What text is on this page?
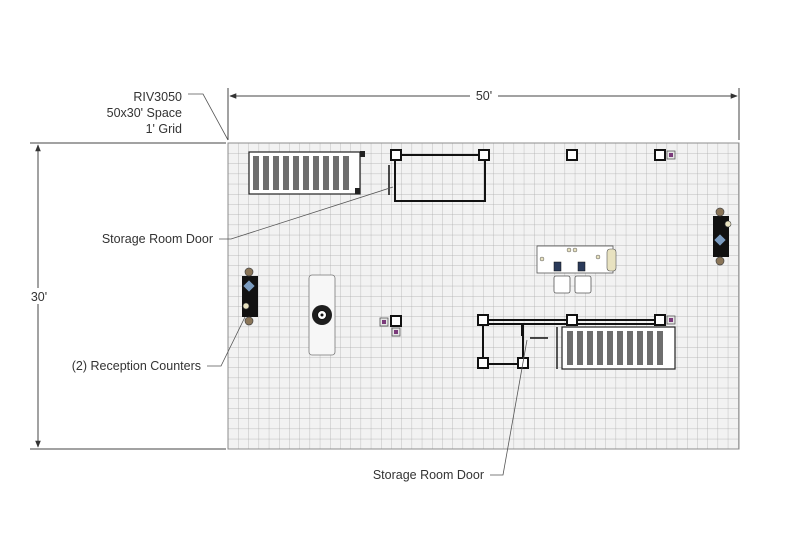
RIV3050
50x30' Space
1' Grid
50'
30'
Storage Room Door
(2) Reception Counters
Storage Room Door
